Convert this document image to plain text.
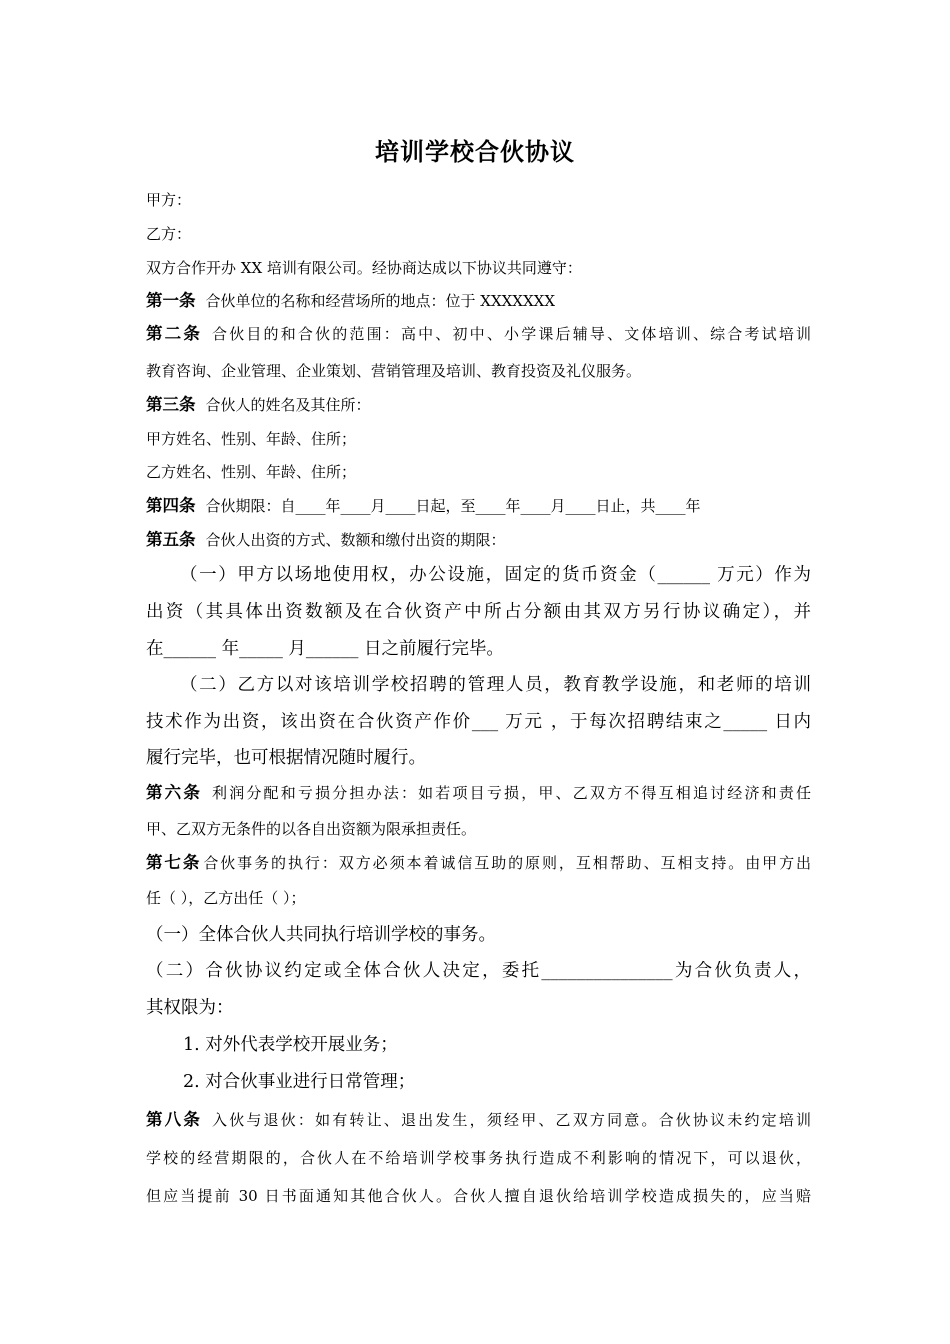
培训学校合伙协议
甲方：
乙方：
双方合作开办 XX 培训有限公司。经协商达成以下协议共同遵守：
第一条 合伙单位的名称和经营场所的地点：位于 XXXXXXX
第二条 合伙目的和合伙的范围：高中、初中、小学课后辅导、文体培训、综合考试培训
教育咨询、企业管理、企业策划、营销管理及培训、教育投资及礼仪服务。
第三条 合伙人的姓名及其住所：
甲方姓名、性别、年龄、住所；
乙方姓名、性别、年龄、住所；
第四条 合伙期限：自____年____月____日起，至____年____月____日止，共____年
第五条 合伙人出资的方式、数额和缴付出资的期限：
（一）甲方以场地使用权，办公设施，固定的货币资金（______ 万元）作为
出资（其具体出资数额及在合伙资产中所占分额由其双方另行协议确定），并
在______ 年_____ 月______ 日之前履行完毕。
（二）乙方以对该培训学校招聘的管理人员，教育教学设施，和老师的培训
技术作为出资，该出资在合伙资产作价___ 万元 ，于每次招聘结束之_____ 日内
履行完毕，也可根据情况随时履行。
第六条 利润分配和亏损分担办法：如若项目亏损，甲、乙双方不得互相追讨经济和责任
甲、乙双方无条件的以各自出资额为限承担责任。
第七条 合伙事务的执行：双方必须本着诚信互助的原则，互相帮助、互相支持。由甲方出
任（ ），乙方出任（ ）；
（一）全体合伙人共同执行培训学校的事务。
（二）合伙协议约定或全体合伙人决定，委托_______________为合伙负责人，
其权限为：
1. 对外代表学校开展业务；
2. 对合伙事业进行日常管理；
第八条 入伙与退伙：如有转让、退出发生，须经甲、乙双方同意。合伙协议未约定培训
学校的经营期限的，合伙人在不给培训学校事务执行造成不利影响的情况下，可以退伙，
但应当提前 30 日书面通知其他合伙人。合伙人擅自退伙给培训学校造成损失的，应当赔
